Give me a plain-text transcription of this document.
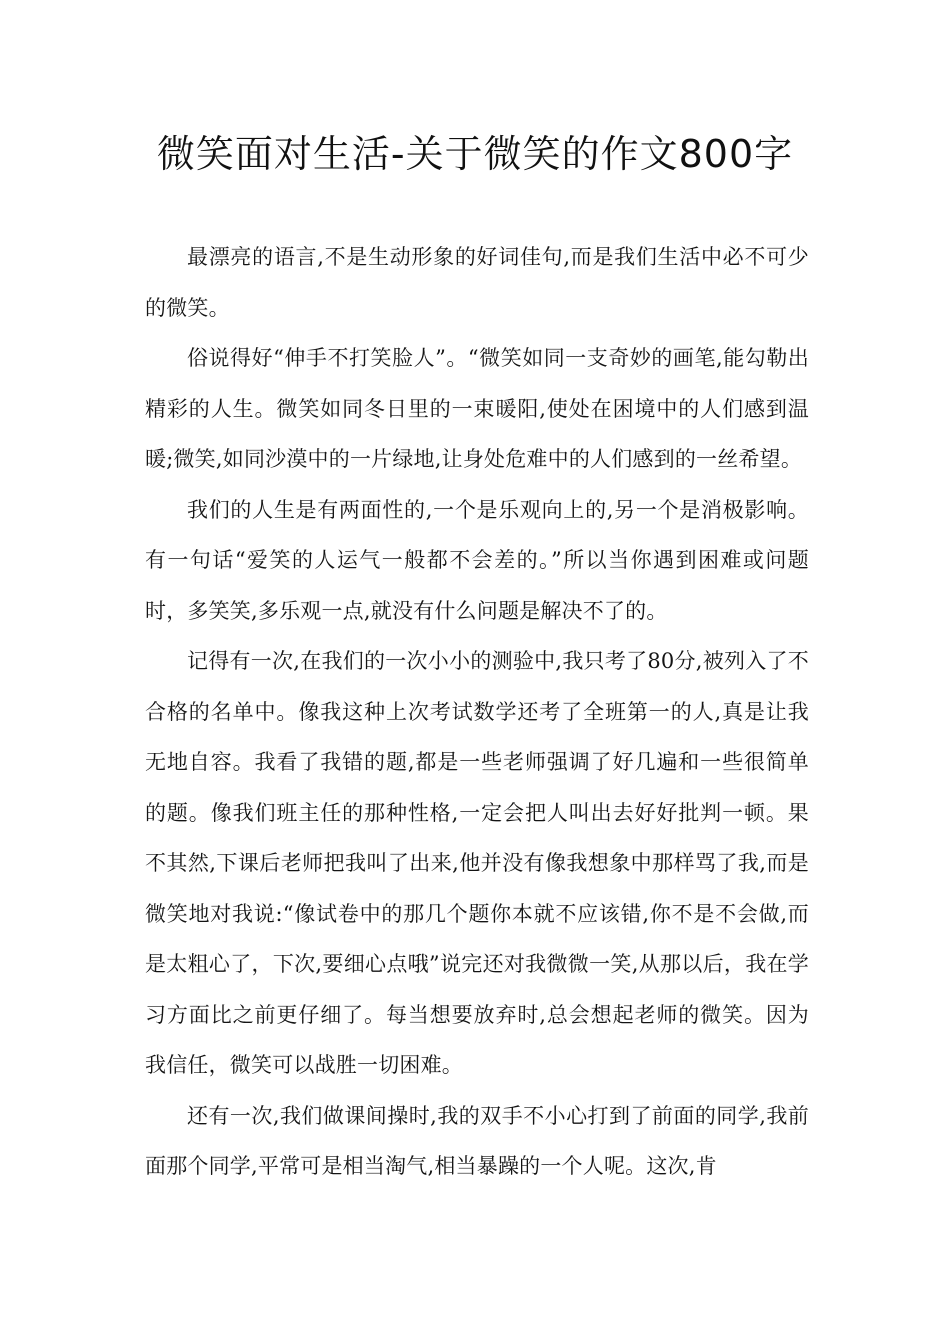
微笑面对生活-关于微笑的作文800字

最漂亮的语言,不是生动形象的好词佳句,而是我们生活中必不可少的微笑。

俗说得好“伸手不打笑脸人”。“微笑如同一支奇妙的画笔,能勾勒出精彩的人生。微笑如同冬日里的一束暖阳,使处在困境中的人们感到温暖;微笑,如同沙漠中的一片绿地,让身处危难中的人们感到的一丝希望。

我们的人生是有两面性的,一个是乐观向上的,另一个是消极影响。有一句话“爱笑的人运气一般都不会差的。”所以当你遇到困难或问题时，多笑笑,多乐观一点,就没有什么问题是解决不了的。

记得有一次,在我们的一次小小的测验中,我只考了80分,被列入了不合格的名单中。像我这种上次考试数学还考了全班第一的人,真是让我无地自容。我看了我错的题,都是一些老师强调了好几遍和一些很简单的题。像我们班主任的那种性格,一定会把人叫出去好好批判一顿。果不其然,下课后老师把我叫了出来,他并没有像我想象中那样骂了我,而是微笑地对我说:“像试卷中的那几个题你本就不应该错,你不是不会做,而是太粗心了，下次,要细心点哦”说完还对我微微一笑,从那以后，我在学习方面比之前更仔细了。每当想要放弃时,总会想起老师的微笑。因为我信任，微笑可以战胜一切困难。

还有一次,我们做课间操时,我的双手不小心打到了前面的同学,我前面那个同学,平常可是相当淘气,相当暴躁的一个人呢。这次,肯
